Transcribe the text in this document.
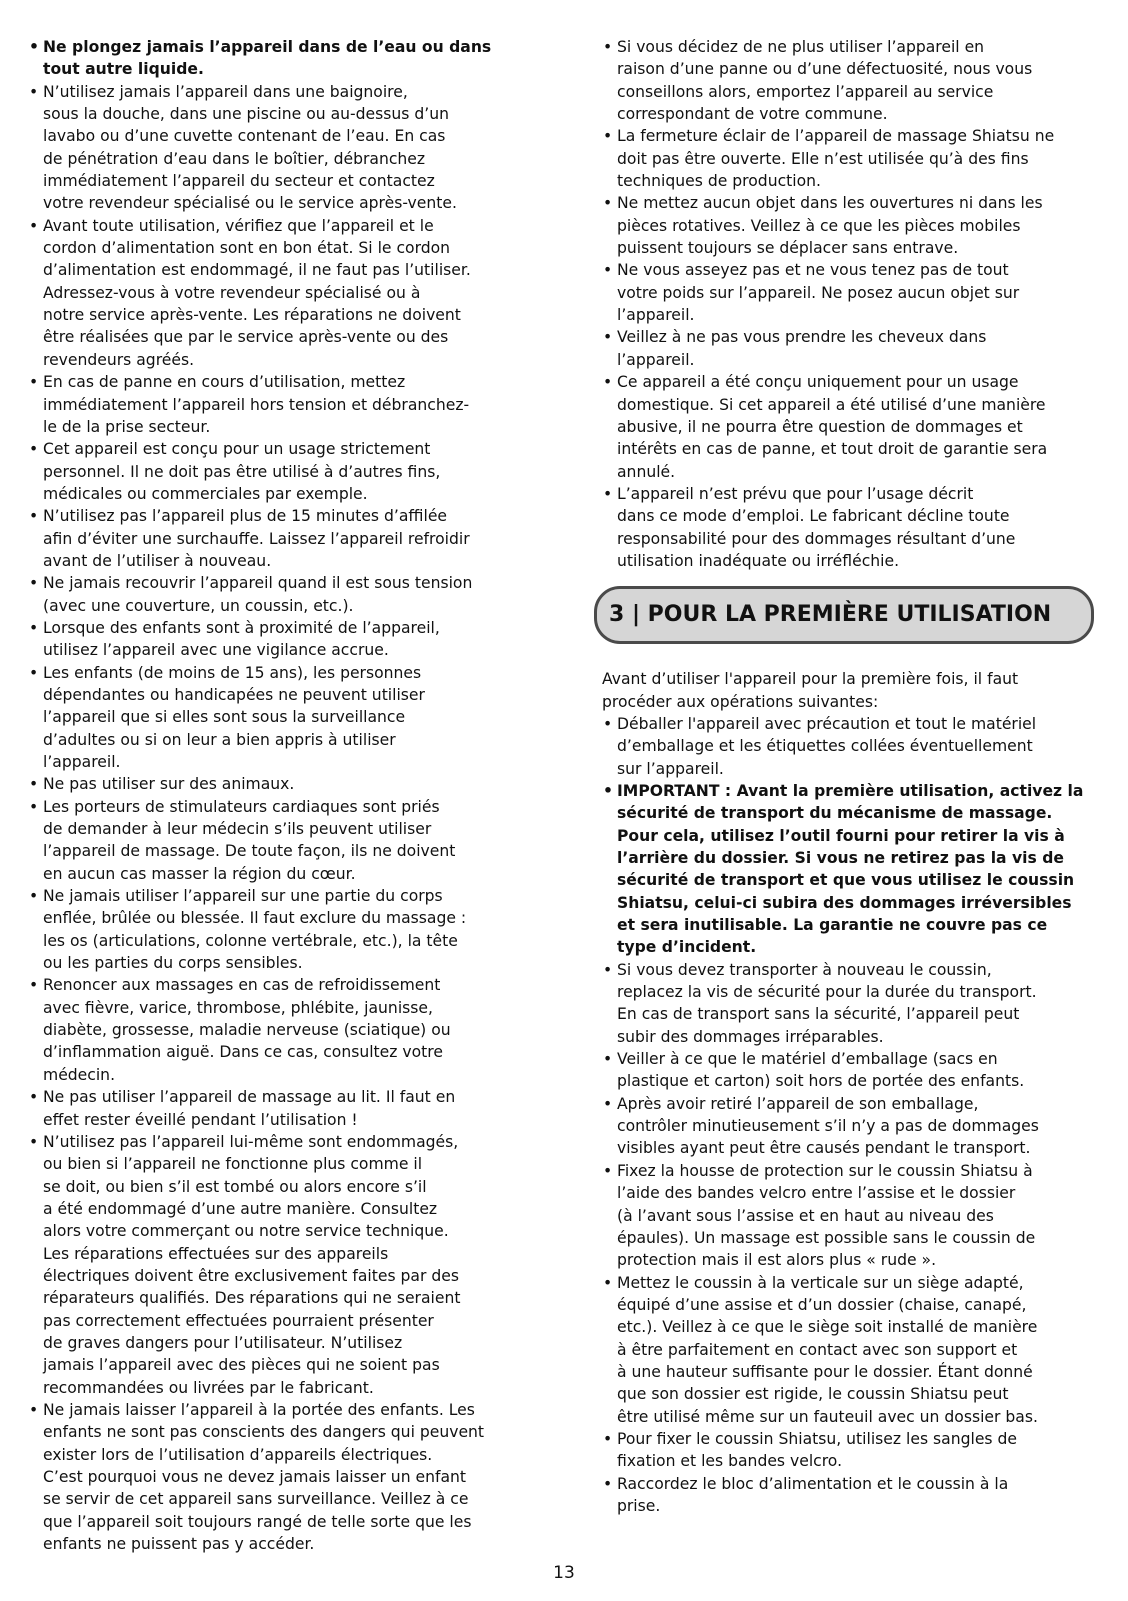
• Ne plongez jamais l’appareil dans de l’eau ou dans
tout autre liquide.
• N’utilisez jamais l’appareil dans une baignoire,
sous la douche, dans une piscine ou au-dessus d’un
lavabo ou d’une cuvette contenant de l’eau. En cas
de pénétration d’eau dans le boîtier, débranchez
immédiatement l’appareil du secteur et contactez
votre revendeur spécialisé ou le service après-vente.
• Avant toute utilisation, vérifiez que l’appareil et le
cordon d’alimentation sont en bon état. Si le cordon
d’alimentation est endommagé, il ne faut pas l’utiliser.
Adressez-vous à votre revendeur spécialisé ou à
notre service après-vente. Les réparations ne doivent
être réalisées que par le service après-vente ou des
revendeurs agréés.
• En cas de panne en cours d’utilisation, mettez
immédiatement l’appareil hors tension et débranchez-
le de la prise secteur.
• Cet appareil est conçu pour un usage strictement
personnel. Il ne doit pas être utilisé à d’autres fins,
médicales ou commerciales par exemple.
• N’utilisez pas l’appareil plus de 15 minutes d’affilée
afin d’éviter une surchauffe. Laissez l’appareil refroidir
avant de l’utiliser à nouveau.
• Ne jamais recouvrir l’appareil quand il est sous tension
(avec une couverture, un coussin, etc.).
• Lorsque des enfants sont à proximité de l’appareil,
utilisez l’appareil avec une vigilance accrue.
• Les enfants (de moins de 15 ans), les personnes
dépendantes ou handicapées ne peuvent utiliser
l’appareil que si elles sont sous la surveillance
d’adultes ou si on leur a bien appris à utiliser
l’appareil.
• Ne pas utiliser sur des animaux.
• Les porteurs de stimulateurs cardiaques sont priés
de demander à leur médecin s’ils peuvent utiliser
l’appareil de massage. De toute façon, ils ne doivent
en aucun cas masser la région du cœur.
• Ne jamais utiliser l’appareil sur une partie du corps
enflée, brûlée ou blessée. Il faut exclure du massage :
les os (articulations, colonne vertébrale, etc.), la tête
ou les parties du corps sensibles.
• Renoncer aux massages en cas de refroidissement
avec fièvre, varice, thrombose, phlébite, jaunisse,
diabète, grossesse, maladie nerveuse (sciatique) ou
d’inflammation aiguë. Dans ce cas, consultez votre
médecin.
• Ne pas utiliser l’appareil de massage au lit. Il faut en
effet rester éveillé pendant l’utilisation !
• N’utilisez pas l’appareil lui-même sont endommagés,
ou bien si l’appareil ne fonctionne plus comme il
se doit, ou bien s’il est tombé ou alors encore s’il
a été endommagé d’une autre manière. Consultez
alors votre commerçant ou notre service technique.
Les réparations effectuées sur des appareils
électriques doivent être exclusivement faites par des
réparateurs qualifiés. Des réparations qui ne seraient
pas correctement effectuées pourraient présenter
de graves dangers pour l’utilisateur. N’utilisez
jamais l’appareil avec des pièces qui ne soient pas
recommandées ou livrées par le fabricant.
• Ne jamais laisser l’appareil à la portée des enfants. Les
enfants ne sont pas conscients des dangers qui peuvent
exister lors de l’utilisation d’appareils électriques.
C’est pourquoi vous ne devez jamais laisser un enfant
se servir de cet appareil sans surveillance. Veillez à ce
que l’appareil soit toujours rangé de telle sorte que les
enfants ne puissent pas y accéder.
• Si vous décidez de ne plus utiliser l’appareil en
raison d’une panne ou d’une défectuosité, nous vous
conseillons alors, emportez l’appareil au service
correspondant de votre commune.
• La fermeture éclair de l’appareil de massage Shiatsu ne
doit pas être ouverte. Elle n’est utilisée qu’à des fins
techniques de production.
• Ne mettez aucun objet dans les ouvertures ni dans les
pièces rotatives. Veillez à ce que les pièces mobiles
puissent toujours se déplacer sans entrave.
• Ne vous asseyez pas et ne vous tenez pas de tout
votre poids sur l’appareil. Ne posez aucun objet sur
l’appareil.
• Veillez à ne pas vous prendre les cheveux dans
l’appareil.
• Ce appareil a été conçu uniquement pour un usage
domestique. Si cet appareil a été utilisé d’une manière
abusive, il ne pourra être question de dommages et
intérêts en cas de panne, et tout droit de garantie sera
annulé.
• L’appareil n’est prévu que pour l’usage décrit
dans ce mode d’emploi. Le fabricant décline toute
responsabilité pour des dommages résultant d’une
utilisation inadéquate ou irréfléchie.
3 | POUR LA PREMIÈRE UTILISATION

Avant d’utiliser l'appareil pour la première fois, il faut
procéder aux opérations suivantes:

• Déballer l'appareil avec précaution et tout le matériel
d’emballage et les étiquettes collées éventuellement
sur l’appareil.
• IMPORTANT : Avant la première utilisation, activez la
sécurité de transport du mécanisme de massage.
Pour cela, utilisez l’outil fourni pour retirer la vis à
l’arrière du dossier. Si vous ne retirez pas la vis de
sécurité de transport et que vous utilisez le coussin
Shiatsu, celui-ci subira des dommages irréversibles
et sera inutilisable. La garantie ne couvre pas ce
type d’incident.
• Si vous devez transporter à nouveau le coussin,
replacez la vis de sécurité pour la durée du transport.
En cas de transport sans la sécurité, l’appareil peut
subir des dommages irréparables.
• Veiller à ce que le matériel d’emballage (sacs en
plastique et carton) soit hors de portée des enfants.
• Après avoir retiré l’appareil de son emballage,
contrôler minutieusement s’il n’y a pas de dommages
visibles ayant peut être causés pendant le transport.
• Fixez la housse de protection sur le coussin Shiatsu à
l’aide des bandes velcro entre l’assise et le dossier
(à l’avant sous l’assise et en haut au niveau des
épaules). Un massage est possible sans le coussin de
protection mais il est alors plus « rude ».
• Mettez le coussin à la verticale sur un siège adapté,
équipé d’une assise et d’un dossier (chaise, canapé,
etc.). Veillez à ce que le siège soit installé de manière
à être parfaitement en contact avec son support et
à une hauteur suffisante pour le dossier. Étant donné
que son dossier est rigide, le coussin Shiatsu peut
être utilisé même sur un fauteuil avec un dossier bas.
• Pour fixer le coussin Shiatsu, utilisez les sangles de
fixation et les bandes velcro.
• Raccordez le bloc d’alimentation et le coussin à la
prise.
13
